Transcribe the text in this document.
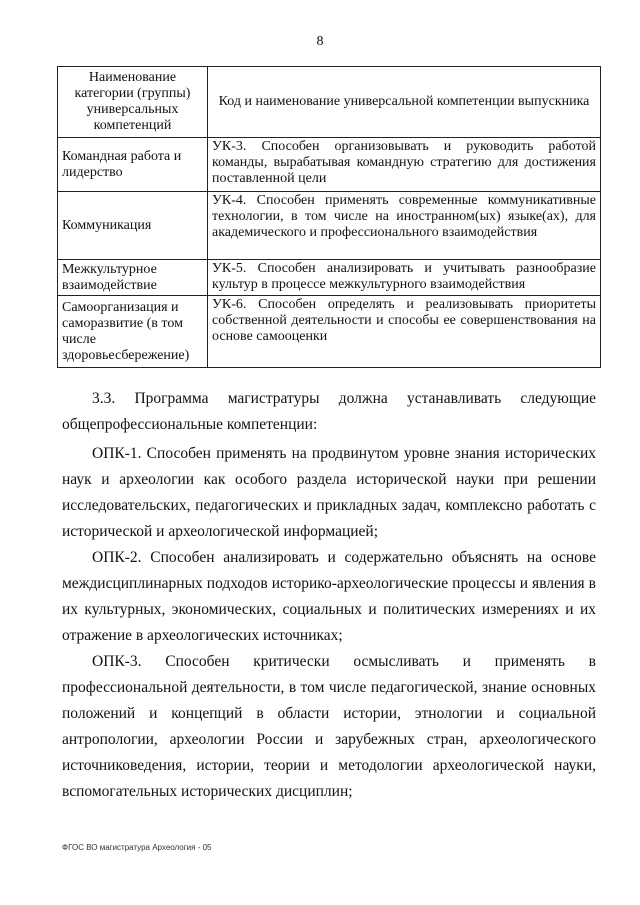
8
Наименование категории (группы) универсальных компетенций	Код и наименование универсальной компетенции выпускника
Командная работа и лидерство	УК-3. Способен организовывать и руководить работой команды, вырабатывая командную стратегию для достижения поставленной цели
Коммуникация	УК-4. Способен применять современные коммуникативные технологии, в том числе на иностранном(ых) языке(ах), для академического и профессионального взаимодействия
Межкультурное взаимодействие	УК-5. Способен анализировать и учитывать разнообразие культур в процессе межкультурного взаимодействия
Самоорганизация и саморазвитие (в том числе здоровьесбережение)	УК-6. Способен определять и реализовывать приоритеты собственной деятельности и способы ее совершенствования на основе самооценки
3.3. Программа магистратуры должна устанавливать следующие общепрофессиональные компетенции:
ОПК-1. Способен применять на продвинутом уровне знания исторических наук и археологии как особого раздела исторической науки при решении исследовательских, педагогических и прикладных задач, комплексно работать с исторической и археологической информацией;
ОПК-2. Способен анализировать и содержательно объяснять на основе междисциплинарных подходов историко-археологические процессы и явления в их культурных, экономических, социальных и политических измерениях и их отражение в археологических источниках;
ОПК-3. Способен критически осмысливать и применять в профессиональной деятельности, в том числе педагогической, знание основных положений и концепций в области истории, этнологии и социальной антропологии, археологии России и зарубежных стран, археологического источниковедения, истории, теории и методологии археологической науки, вспомогательных исторических дисциплин;
ФГОС ВО магистратура Археология - 05
